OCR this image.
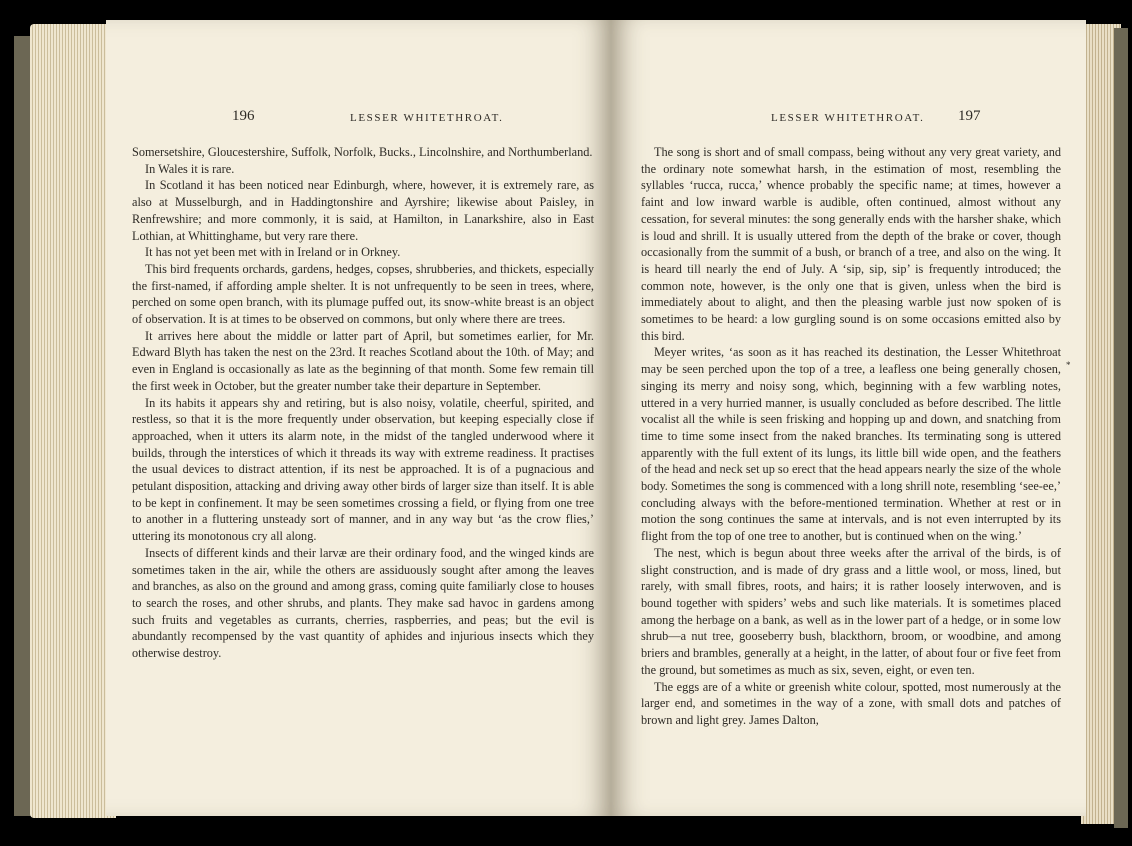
196	LESSER WHITETHROAT.

Somersetshire, Gloucestershire, Suffolk, Norfolk, Bucks., Lincolnshire, and Northumberland.

In Wales it is rare.

In Scotland it has been noticed near Edinburgh, where, however, it is extremely rare, as also at Musselburgh, and in Haddingtonshire and Ayrshire; likewise about Paisley, in Renfrewshire; and more commonly, it is said, at Hamilton, in Lanarkshire, also in East Lothian, at Whittinghame, but very rare there.

It has not yet been met with in Ireland or in Orkney.

This bird frequents orchards, gardens, hedges, copses, shrubberies, and thickets, especially the first-named, if affording ample shelter. It is not unfrequently to be seen in trees, where, perched on some open branch, with its plumage puffed out, its snow-white breast is an object of observation. It is at times to be observed on commons, but only where there are trees.

It arrives here about the middle or latter part of April, but sometimes earlier, for Mr. Edward Blyth has taken the nest on the 23rd. It reaches Scotland about the 10th. of May; and even in England is occasionally as late as the beginning of that month. Some few remain till the first week in October, but the greater number take their departure in September.

In its habits it appears shy and retiring, but is also noisy, volatile, cheerful, spirited, and restless, so that it is the more frequently under observation, but keeping especially close if approached, when it utters its alarm note, in the midst of the tangled underwood where it builds, through the interstices of which it threads its way with extreme readiness. It practises the usual devices to distract attention, if its nest be approached. It is of a pugnacious and petulant disposition, attacking and driving away other birds of larger size than itself. It is able to be kept in confinement. It may be seen sometimes crossing a field, or flying from one tree to another in a fluttering unsteady sort of manner, and in any way but ‘as the crow flies,’ uttering its monotonous cry all along.

Insects of different kinds and their larvæ are their ordinary food, and the winged kinds are sometimes taken in the air, while the others are assiduously sought after among the leaves and branches, as also on the ground and among grass, coming quite familiarly close to houses to search the roses, and other shrubs, and plants. They make sad havoc in gardens among such fruits and vegetables as currants, cherries, raspberries, and peas; but the evil is abundantly recompensed by the vast quantity of aphides and injurious insects which they otherwise destroy.

LESSER WHITETHROAT. 197
*

The song is short and of small compass, being without any very great variety, and the ordinary note somewhat harsh, in the estimation of most, resembling the syllables ‘rucca, rucca,’ whence probably the specific name; at times, however a faint and low inward warble is audible, often continued, almost without any cessation, for several minutes: the song generally ends with the harsher shake, which is loud and shrill. It is usually uttered from the depth of the brake or cover, though occasionally from the summit of a bush, or branch of a tree, and also on the wing. It is heard till nearly the end of July. A ‘sip, sip, sip’ is frequently introduced; the common note, however, is the only one that is given, unless when the bird is immediately about to alight, and then the pleasing warble just now spoken of is sometimes to be heard: a low gurgling sound is on some occasions emitted also by this bird.

Meyer writes, ‘as soon as it has reached its destination, the Lesser Whitethroat may be seen perched upon the top of a tree, a leafless one being generally chosen, singing its merry and noisy song, which, beginning with a few warbling notes, uttered in a very hurried manner, is usually concluded as before described. The little vocalist all the while is seen frisking and hopping up and down, and snatching from time to time some insect from the naked branches. Its terminating song is uttered apparently with the full extent of its lungs, its little bill wide open, and the feathers of the head and neck set up so erect that the head appears nearly the size of the whole body. Sometimes the song is commenced with a long shrill note, resembling ‘see-ee,’ concluding always with the before-mentioned termination. Whether at rest or in motion the song continues the same at intervals, and is not even interrupted by its flight from the top of one tree to another, but is continued when on the wing.’

The nest, which is begun about three weeks after the arrival of the birds, is of slight construction, and is made of dry grass and a little wool, or moss, lined, but rarely, with small fibres, roots, and hairs; it is rather loosely interwoven, and is bound together with spiders’ webs and such like materials. It is sometimes placed among the herbage on a bank, as well as in the lower part of a hedge, or in some low shrub—a nut tree, gooseberry bush, blackthorn, broom, or woodbine, and among briers and brambles, generally at a height, in the latter, of about four or five feet from the ground, but sometimes as much as six, seven, eight, or even ten.

The eggs are of a white or greenish white colour, spotted, most numerously at the larger end, and sometimes in the way of a zone, with small dots and patches of brown and light grey. James Dalton,
